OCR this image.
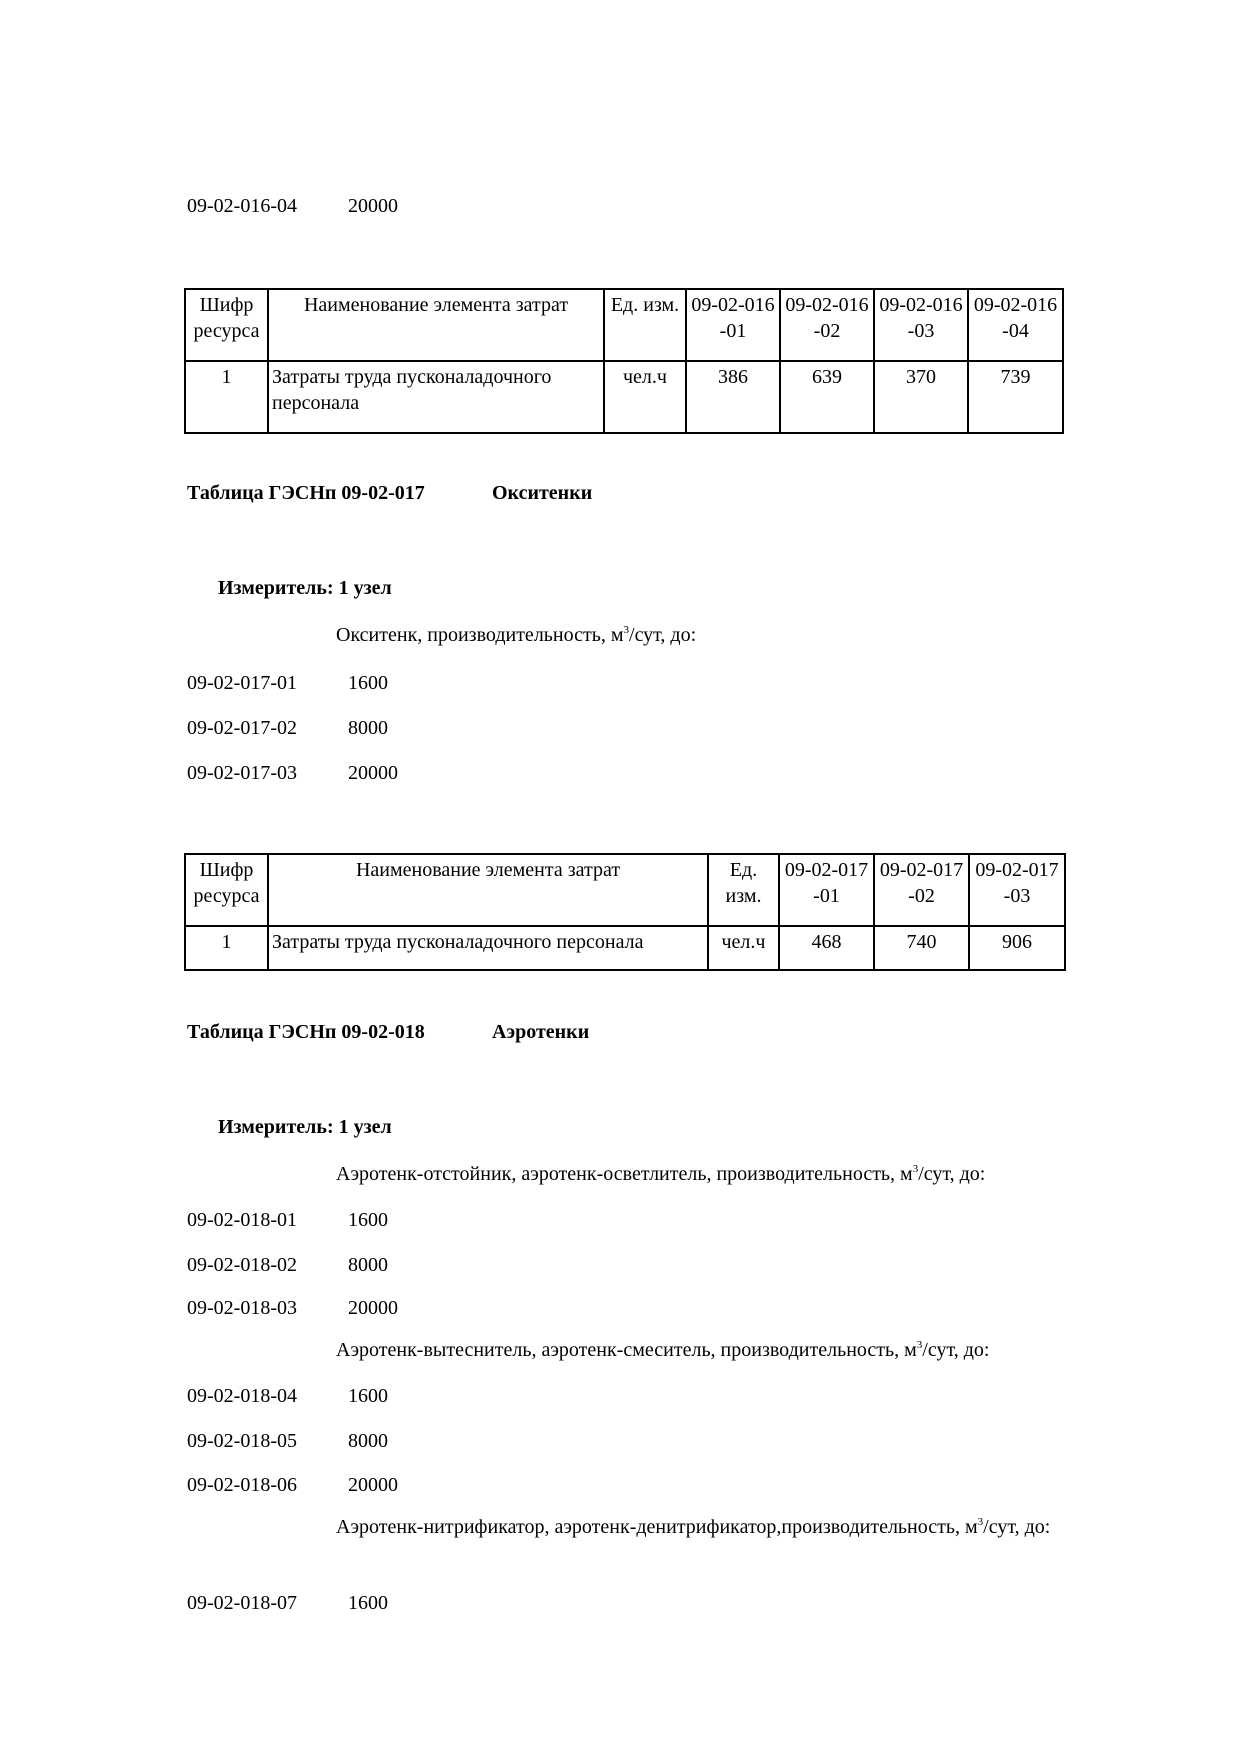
09-02-016-04	20000
Шифр ресурса	Наименование элемента затрат	Ед. изм.	09-02-016-01	09-02-016-02	09-02-016-03	09-02-016-04
1	Затраты труда пусконаладочного персонала	чел.ч	386	639	370	739
Таблица ГЭСНп 09-02-017	Окситенки
Измеритель: 1 узел
Окситенк, производительность, $м^3$/сут, до:
09-02-017-01	1600
09-02-017-02	8000
09-02-017-03	20000
Шифр ресурса	Наименование элемента затрат	Ед. изм.	09-02-017-01	09-02-017-02	09-02-017-03
1	Затраты труда пусконаладочного персонала	чел.ч	468	740	906
Таблица ГЭСНп 09-02-018	Аэротенки
Измеритель: 1 узел
Аэротенк-отстойник, аэротенк-осветлитель, производительность, $м^3$/сут, до:
09-02-018-01	1600
09-02-018-02	8000
09-02-018-03	20000
Аэротенк-вытеснитель, аэротенк-смеситель, производительность, $м^3$/сут, до:
09-02-018-04	1600
09-02-018-05	8000
09-02-018-06	20000
Аэротенк-нитрификатор, аэротенк-денитрификатор,производительность, $м^3$/сут, до:
09-02-018-07	1600
